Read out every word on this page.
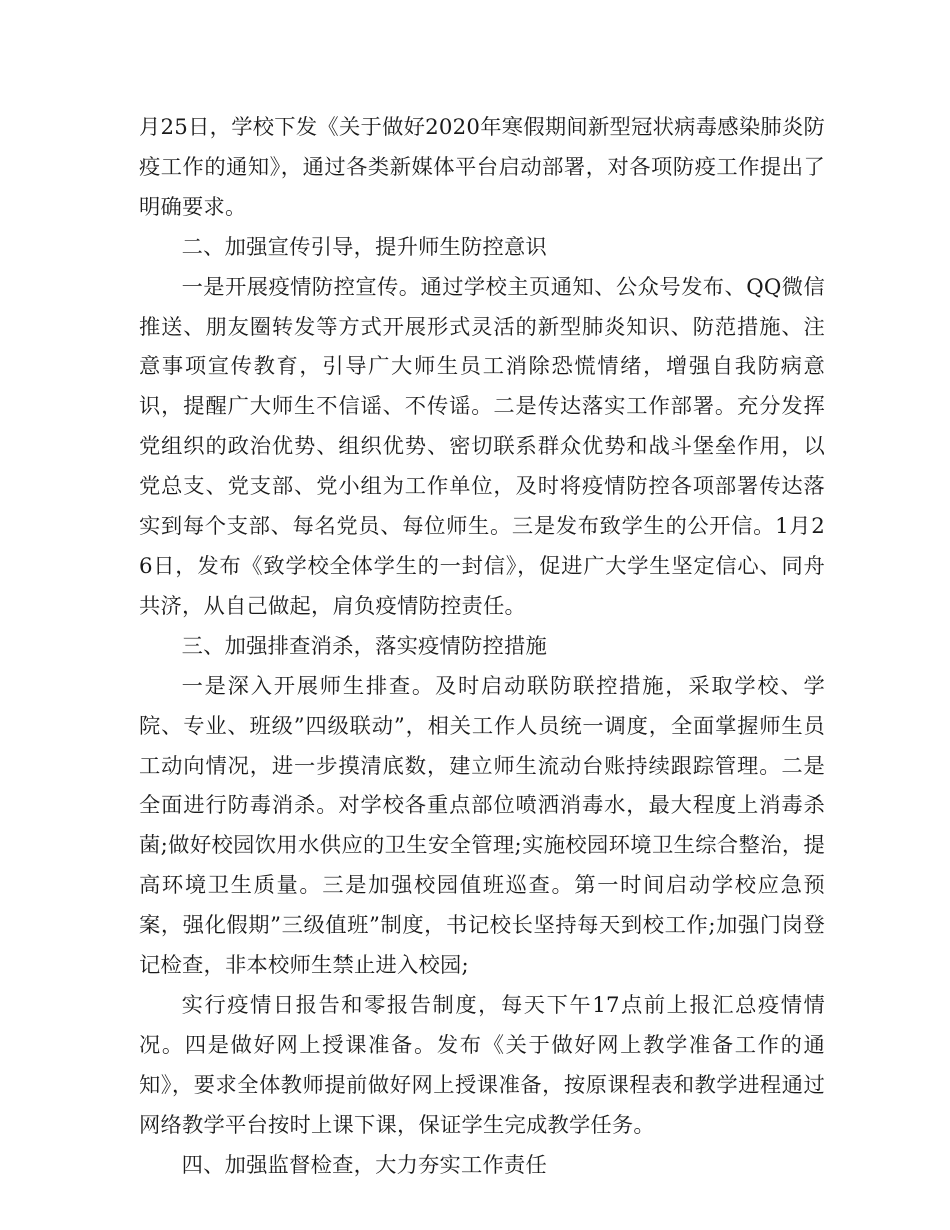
月25日，学校下发《关于做好2020年寒假期间新型冠状病毒感染肺炎防疫工作的通知》，通过各类新媒体平台启动部署，对各项防疫工作提出了明确要求。

二、加强宣传引导，提升师生防控意识

一是开展疫情防控宣传。通过学校主页通知、公众号发布、QQ微信推送、朋友圈转发等方式开展形式灵活的新型肺炎知识、防范措施、注意事项宣传教育，引导广大师生员工消除恐慌情绪，增强自我防病意识，提醒广大师生不信谣、不传谣。二是传达落实工作部署。充分发挥党组织的政治优势、组织优势、密切联系群众优势和战斗堡垒作用，以党总支、党支部、党小组为工作单位，及时将疫情防控各项部署传达落实到每个支部、每名党员、每位师生。三是发布致学生的公开信。1月26日，发布《致学校全体学生的一封信》，促进广大学生坚定信心、同舟共济，从自己做起，肩负疫情防控责任。

三、加强排查消杀，落实疫情防控措施

一是深入开展师生排查。及时启动联防联控措施，采取学校、学院、专业、班级”四级联动”，相关工作人员统一调度，全面掌握师生员工动向情况，进一步摸清底数，建立师生流动台账持续跟踪管理。二是全面进行防毒消杀。对学校各重点部位喷洒消毒水，最大程度上消毒杀菌;做好校园饮用水供应的卫生安全管理;实施校园环境卫生综合整治，提高环境卫生质量。三是加强校园值班巡查。第一时间启动学校应急预案，强化假期”三级值班”制度，书记校长坚持每天到校工作;加强门岗登记检查，非本校师生禁止进入校园;

实行疫情日报告和零报告制度，每天下午17点前上报汇总疫情情况。四是做好网上授课准备。发布《关于做好网上教学准备工作的通知》，要求全体教师提前做好网上授课准备，按原课程表和教学进程通过网络教学平台按时上课下课，保证学生完成教学任务。

四、加强监督检查，大力夯实工作责任
